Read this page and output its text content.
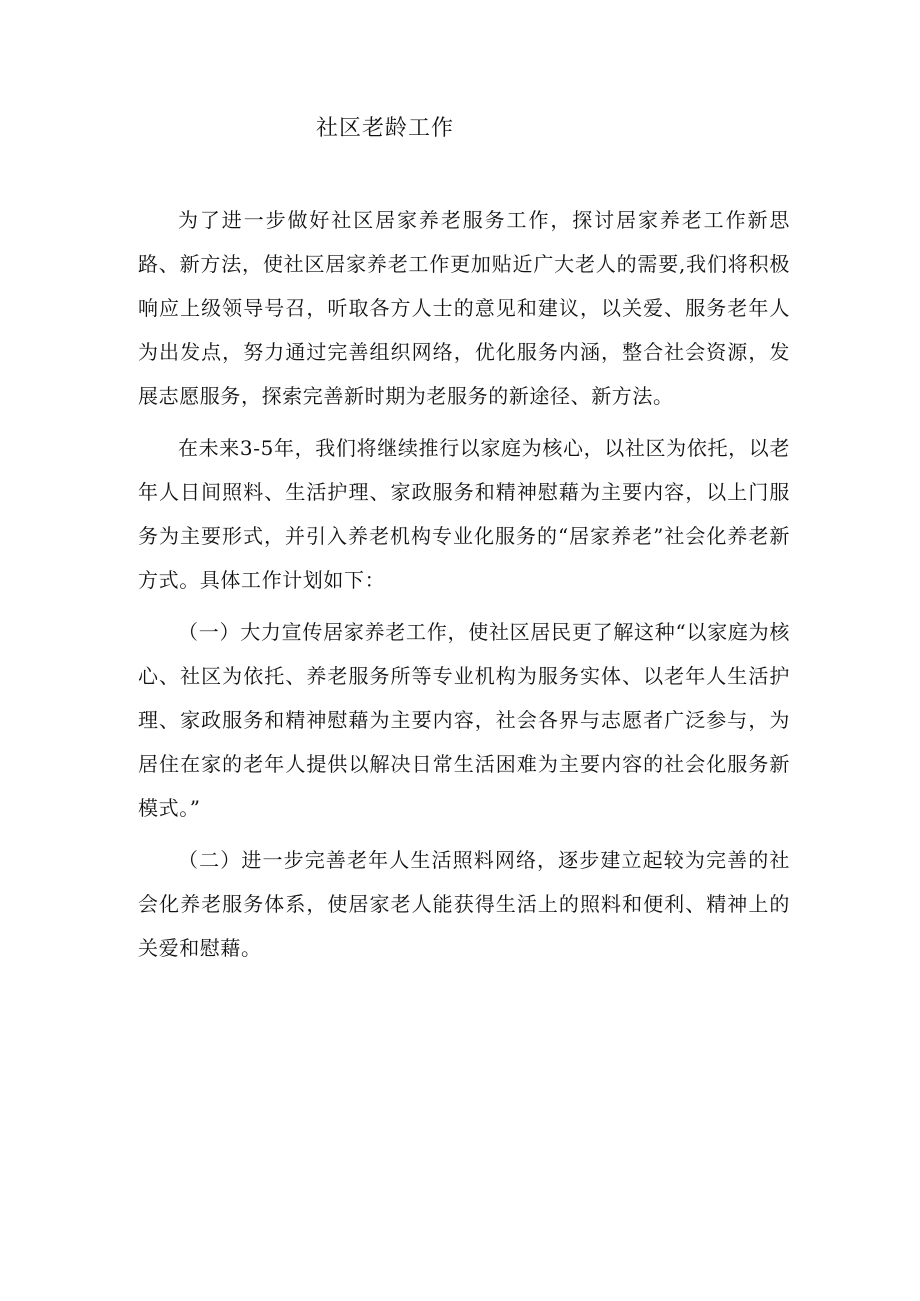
社区老龄工作

为了进一步做好社区居家养老服务工作，探讨居家养老工作新思路、新方法，使社区居家养老工作更加贴近广大老人的需要,我们将积极响应上级领导号召，听取各方人士的意见和建议，以关爱、服务老年人为出发点，努力通过完善组织网络，优化服务内涵，整合社会资源，发展志愿服务，探索完善新时期为老服务的新途径、新方法。

在未来3-5年，我们将继续推行以家庭为核心，以社区为依托，以老年人日间照料、生活护理、家政服务和精神慰藉为主要内容，以上门服务为主要形式，并引入养老机构专业化服务的“居家养老”社会化养老新方式。具体工作计划如下：

（一）大力宣传居家养老工作，使社区居民更了解这种“以家庭为核心、社区为依托、养老服务所等专业机构为服务实体、以老年人生活护理、家政服务和精神慰藉为主要内容，社会各界与志愿者广泛参与，为居住在家的老年人提供以解决日常生活困难为主要内容的社会化服务新模式。”

（二）进一步完善老年人生活照料网络，逐步建立起较为完善的社会化养老服务体系，使居家老人能获得生活上的照料和便利、精神上的关爱和慰藉。
